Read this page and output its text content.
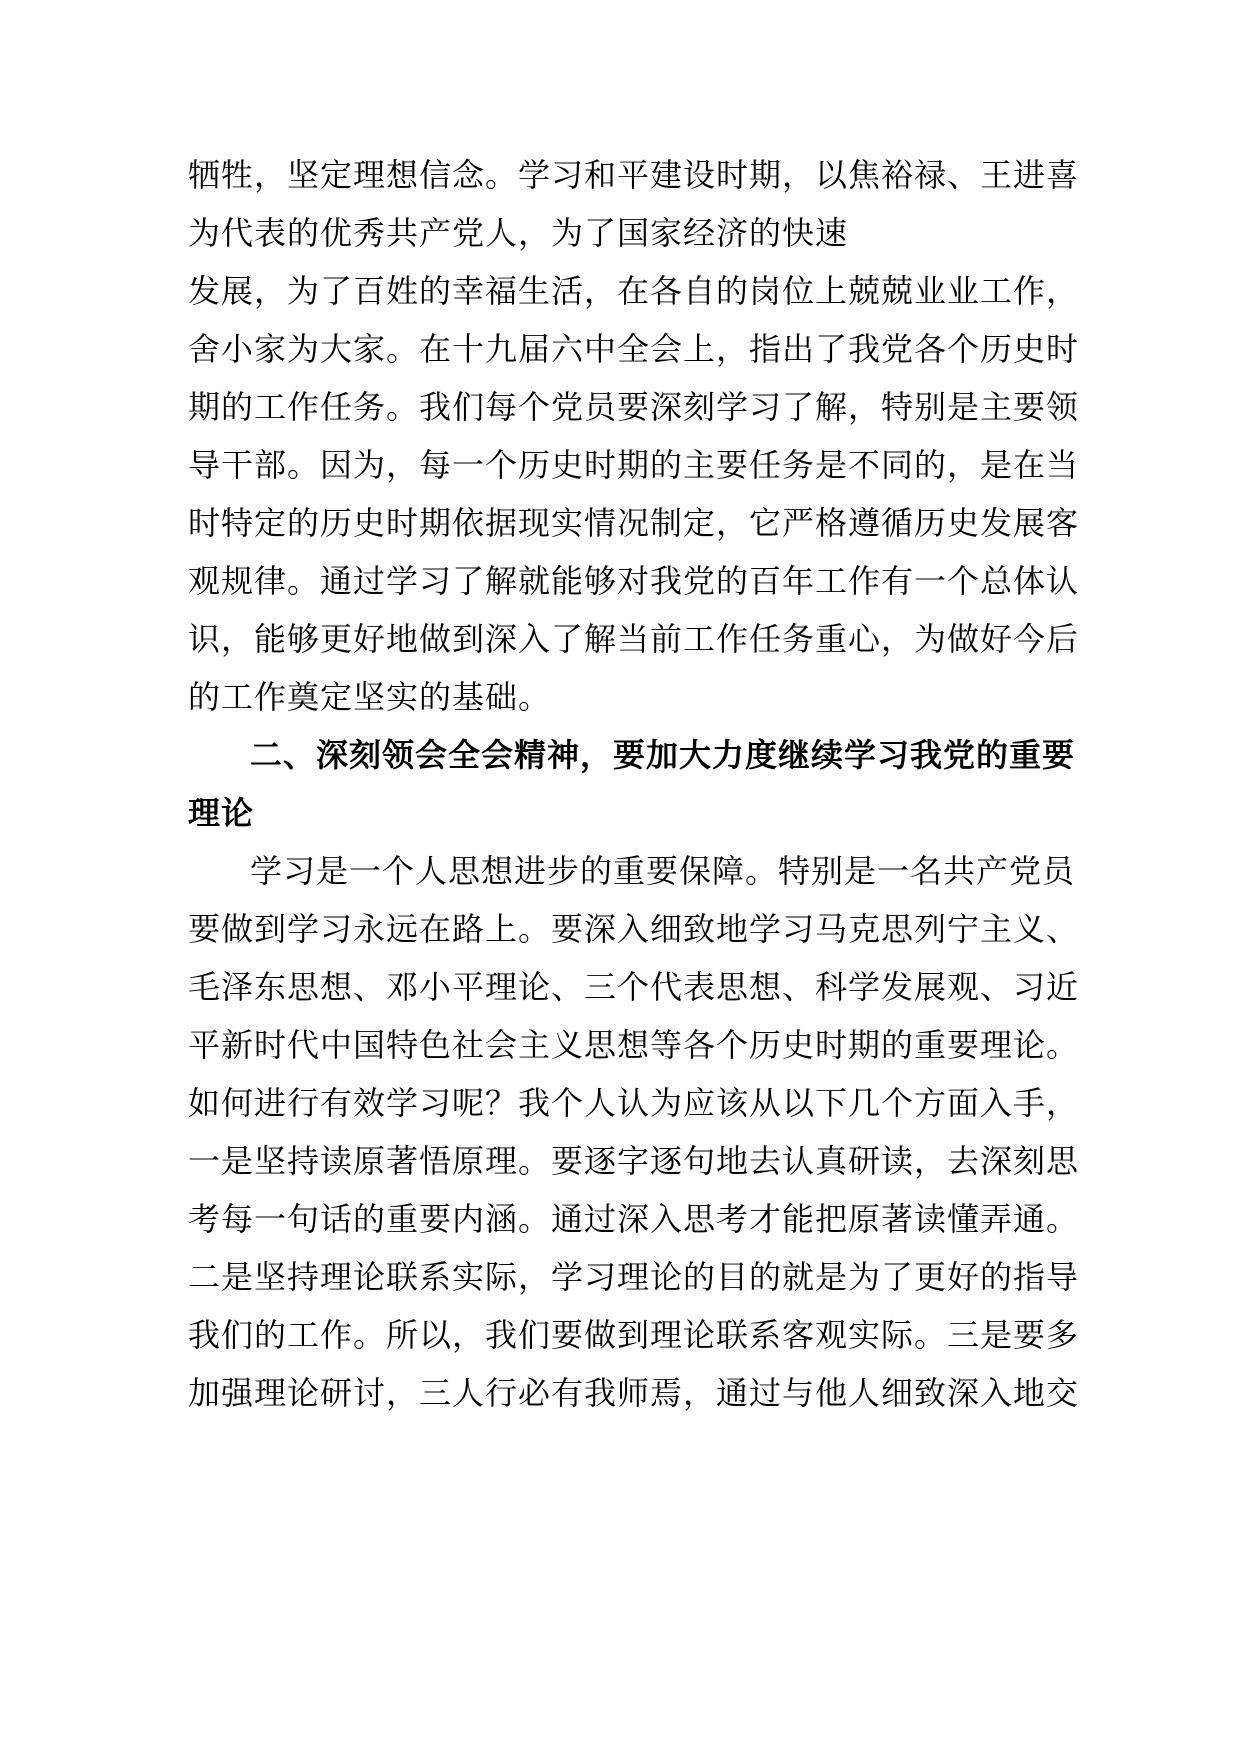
牺牲，坚定理想信念。学习和平建设时期，以焦裕禄、王进喜
为代表的优秀共产党人，为了国家经济的快速
发展，为了百姓的幸福生活，在各自的岗位上兢兢业业工作，
舍小家为大家。在十九届六中全会上，指出了我党各个历史时
期的工作任务。我们每个党员要深刻学习了解，特别是主要领
导干部。因为，每一个历史时期的主要任务是不同的，是在当
时特定的历史时期依据现实情况制定，它严格遵循历史发展客
观规律。通过学习了解就能够对我党的百年工作有一个总体认
识，能够更好地做到深入了解当前工作任务重心，为做好今后
的工作奠定坚实的基础。
二、深刻领会全会精神，要加大力度继续学习我党的重要
理论
学习是一个人思想进步的重要保障。特别是一名共产党员
要做到学习永远在路上。要深入细致地学习马克思列宁主义、
毛泽东思想、邓小平理论、三个代表思想、科学发展观、习近
平新时代中国特色社会主义思想等各个历史时期的重要理论。
如何进行有效学习呢？我个人认为应该从以下几个方面入手，
一是坚持读原著悟原理。要逐字逐句地去认真研读，去深刻思
考每一句话的重要内涵。通过深入思考才能把原著读懂弄通。
二是坚持理论联系实际，学习理论的目的就是为了更好的指导
我们的工作。所以，我们要做到理论联系客观实际。三是要多
加强理论研讨，三人行必有我师焉，通过与他人细致深入地交
